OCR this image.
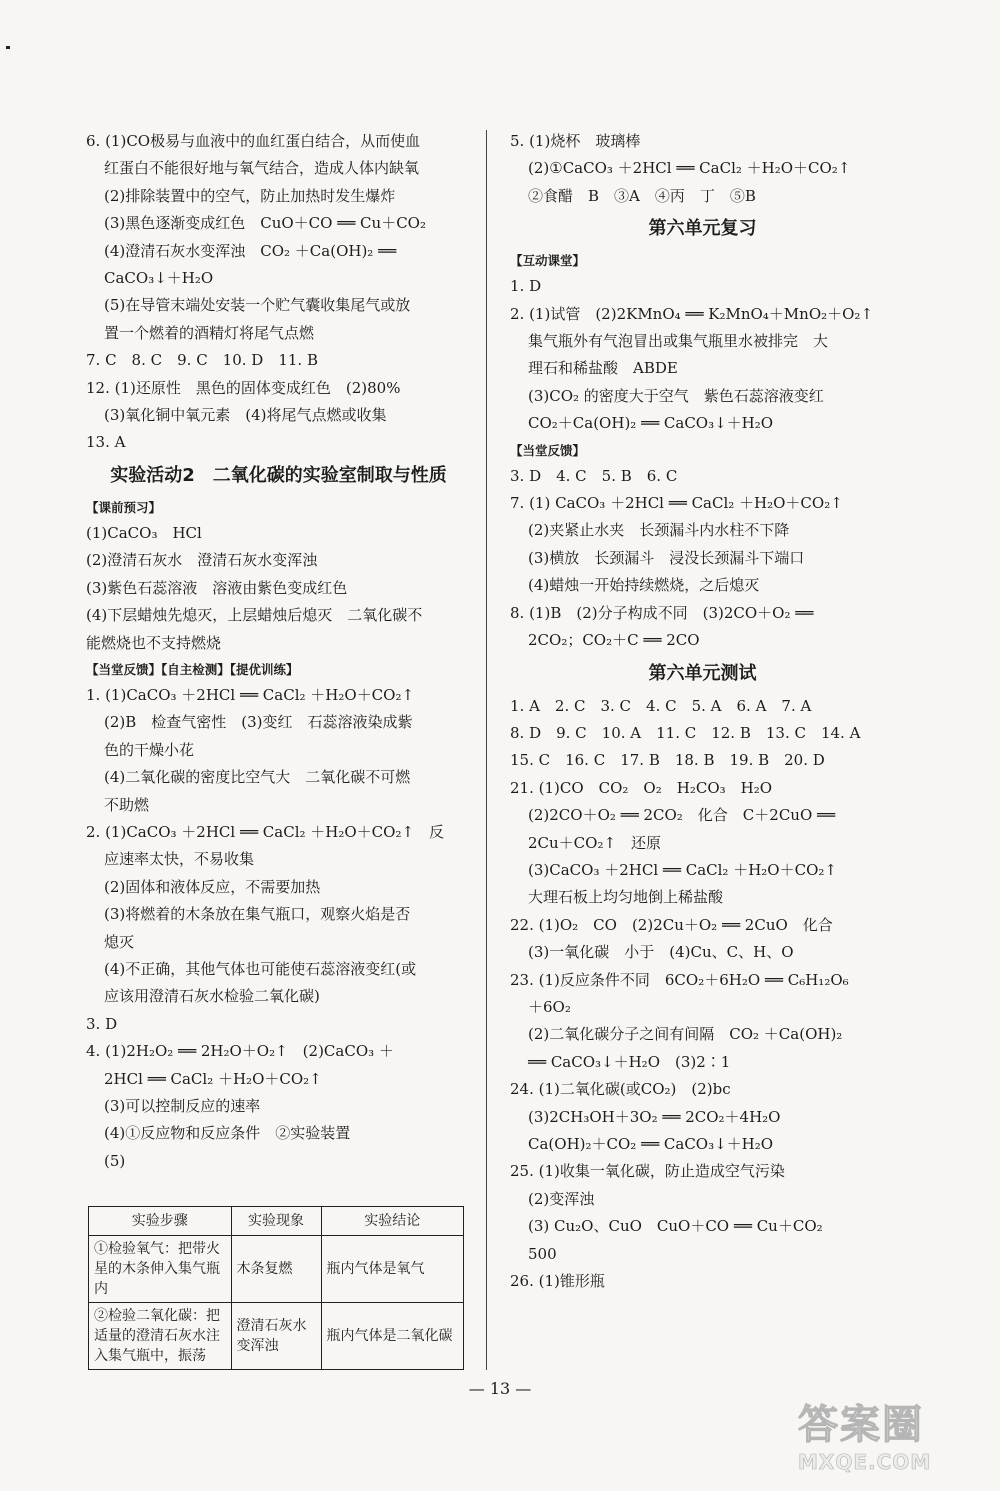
6. (1)CO极易与血液中的血红蛋白结合，从而使血
红蛋白不能很好地与氧气结合，造成人体内缺氧
(2)排除装置中的空气，防止加热时发生爆炸
(3)黑色逐渐变成红色　CuO＋CO ══ Cu＋CO₂
(4)澄清石灰水变浑浊　CO₂ ＋Ca(OH)₂ ══
CaCO₃↓＋H₂O
(5)在导管末端处安装一个贮气囊收集尾气或放
置一个燃着的酒精灯将尾气点燃
7. C　8. C　9. C　10. D　11. B
12. (1)还原性　黑色的固体变成红色　(2)80%
(3)氧化铜中氧元素　(4)将尾气点燃或收集
13. A
实验活动2　二氧化碳的实验室制取与性质
【课前预习】
(1)CaCO₃　HCl
(2)澄清石灰水　澄清石灰水变浑浊
(3)紫色石蕊溶液　溶液由紫色变成红色
(4)下层蜡烛先熄灭，上层蜡烛后熄灭　二氧化碳不
能燃烧也不支持燃烧
【当堂反馈】【自主检测】【提优训练】
1. (1)CaCO₃ ＋2HCl ══ CaCl₂ ＋H₂O＋CO₂↑
(2)B　检查气密性　(3)变红　石蕊溶液染成紫
色的干燥小花
(4)二氧化碳的密度比空气大　二氧化碳不可燃
不助燃
2. (1)CaCO₃ ＋2HCl ══ CaCl₂ ＋H₂O＋CO₂↑　反
应速率太快，不易收集
(2)固体和液体反应，不需要加热
(3)将燃着的木条放在集气瓶口，观察火焰是否
熄灭
(4)不正确，其他气体也可能使石蕊溶液变红(或
应该用澄清石灰水检验二氧化碳)
3. D
4. (1)2H₂O₂ ══ 2H₂O＋O₂↑　(2)CaCO₃ ＋
2HCl ══ CaCl₂ ＋H₂O＋CO₂↑
(3)可以控制反应的速率
(4)①反应物和反应条件　②实验装置
(5)
5. (1)烧杯　玻璃棒
(2)①CaCO₃ ＋2HCl ══ CaCl₂ ＋H₂O＋CO₂↑
②食醋　B　③A　④丙　丁　⑤B
第六单元复习
【互动课堂】
1. D
2. (1)试管　(2)2KMnO₄ ══ K₂MnO₄＋MnO₂＋O₂↑
集气瓶外有气泡冒出或集气瓶里水被排完　大
理石和稀盐酸　ABDE
(3)CO₂ 的密度大于空气　紫色石蕊溶液变红
CO₂＋Ca(OH)₂ ══ CaCO₃↓＋H₂O
【当堂反馈】
3. D　4. C　5. B　6. C
7. (1) CaCO₃ ＋2HCl ══ CaCl₂ ＋H₂O＋CO₂↑
(2)夹紧止水夹　长颈漏斗内水柱不下降
(3)横放　长颈漏斗　浸没长颈漏斗下端口
(4)蜡烛一开始持续燃烧，之后熄灭
8. (1)B　(2)分子构成不同　(3)2CO＋O₂ ══
2CO₂；CO₂＋C ══ 2CO
第六单元测试
1. A　2. C　3. C　4. C　5. A　6. A　7. A
8. D　9. C　10. A　11. C　12. B　13. C　14. A
15. C　16. C　17. B　18. B　19. B　20. D
21. (1)CO　CO₂　O₂　H₂CO₃　H₂O
(2)2CO＋O₂ ══ 2CO₂　化合　C＋2CuO ══
2Cu＋CO₂↑　还原
(3)CaCO₃ ＋2HCl ══ CaCl₂ ＋H₂O＋CO₂↑
大理石板上均匀地倒上稀盐酸
22. (1)O₂　CO　(2)2Cu＋O₂ ══ 2CuO　化合
(3)一氧化碳　小于　(4)Cu、C、H、O
23. (1)反应条件不同　6CO₂＋6H₂O ══ C₆H₁₂O₆
＋6O₂
(2)二氧化碳分子之间有间隔　CO₂ ＋Ca(OH)₂
══ CaCO₃↓＋H₂O　(3)2∶1
24. (1)二氧化碳(或CO₂)　(2)bc
(3)2CH₃OH＋3O₂ ══ 2CO₂＋4H₂O
Ca(OH)₂＋CO₂ ══ CaCO₃↓＋H₂O
25. (1)收集一氧化碳，防止造成空气污染
(2)变浑浊
(3) Cu₂O、CuO　CuO＋CO ══ Cu＋CO₂
500
26. (1)锥形瓶
实验步骤	实验现象	实验结论
①检验氧气：把带火星的木条伸入集气瓶内	木条复燃	瓶内气体是氧气
②检验二氧化碳：把适量的澄清石灰水注入集气瓶中，振荡	澄清石灰水变浑浊	瓶内气体是二氧化碳
— 13 —
答案圈
MXQE.COM
